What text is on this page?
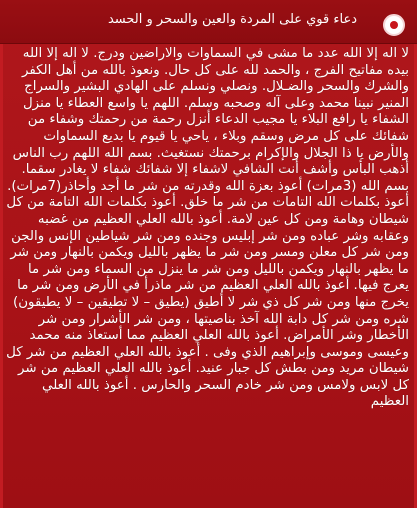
دعاء قوي على المردة والعين والسحر و الحسد

لا اله إلا الله عدد ما مشى في السماوات والاراضين ودرج. لا اله إلا الله بيده مفاتيح الفرج ، والحمد لله على كل حال. ونعوذ بالله من أهل الكفر والشرك والسحر والضـلال. ونصلي ونسلم على الهادي البشير والسراج المنير نبينا محمد وعلى آله وصحبه وسلم. اللهم يا واسع العطاء يا منزل الشفاء يا رافع البلاء يا مجيب الدعاء أنزل رحمة من رحمتك وشفاء من شفائك على كل مرض وسقم وبلاء ، ياحي يا قيوم يا بديع السماوات والأرض يا ذا الجلال والإكرام برحمتك نستغيث. بسم الله اللهم رب الناس أذهب البأس وأشف أنت الشافي لاشفاء إلا شفائك شفاء لا يغادر سقما. بسم الله (3مرات) أعوذ بعزة الله وقدرته من شر ما أجد وأحاذر(7مرات). أعوذ بكلمات الله التامات من شر ما خلق. أعوذ بكلمات الله التامة من كل شيطان وهامة ومن كل عين لامة. أعوذ بالله العلي العظيم من غضبه وعقابه وشر عباده ومن شر إبليس وجنده ومن شر شياطين الإنس والجن ومن شر كل معلن ومسر ومن شر ما يظهر بالليل ويكمن بالنهار ومن شر ما يظهر بالنهار ويكمن بالليل ومن شر ما ينزل من السماء ومن شر ما يعرج فيها. أعوذ بالله العلي العظيم من شر ماذرأ في الأرض ومن شر ما يخرج منها ومن شر كل ذي شر لا أطيق (يطيق – لا تطيقين – لا يطيقون) شره ومن شر كل دابة الله آخذ بناصيتها ، ومن شر الأشرار ومن شر الأخطار وشر الأمراض. أعوذ بالله العلي العظيم مما أستعاذ منه محمد وعيسى وموسى وإبراهيم الذي وفى . أعوذ بالله العلي العظيم من شر كل شيطان مريد ومن بطش كل جبار عنيد. أعوذ بالله العلي العظيم من شر كل لابس ولامس ومن شر خادم السحر والحارس . أعوذ بالله العلي العظيم
